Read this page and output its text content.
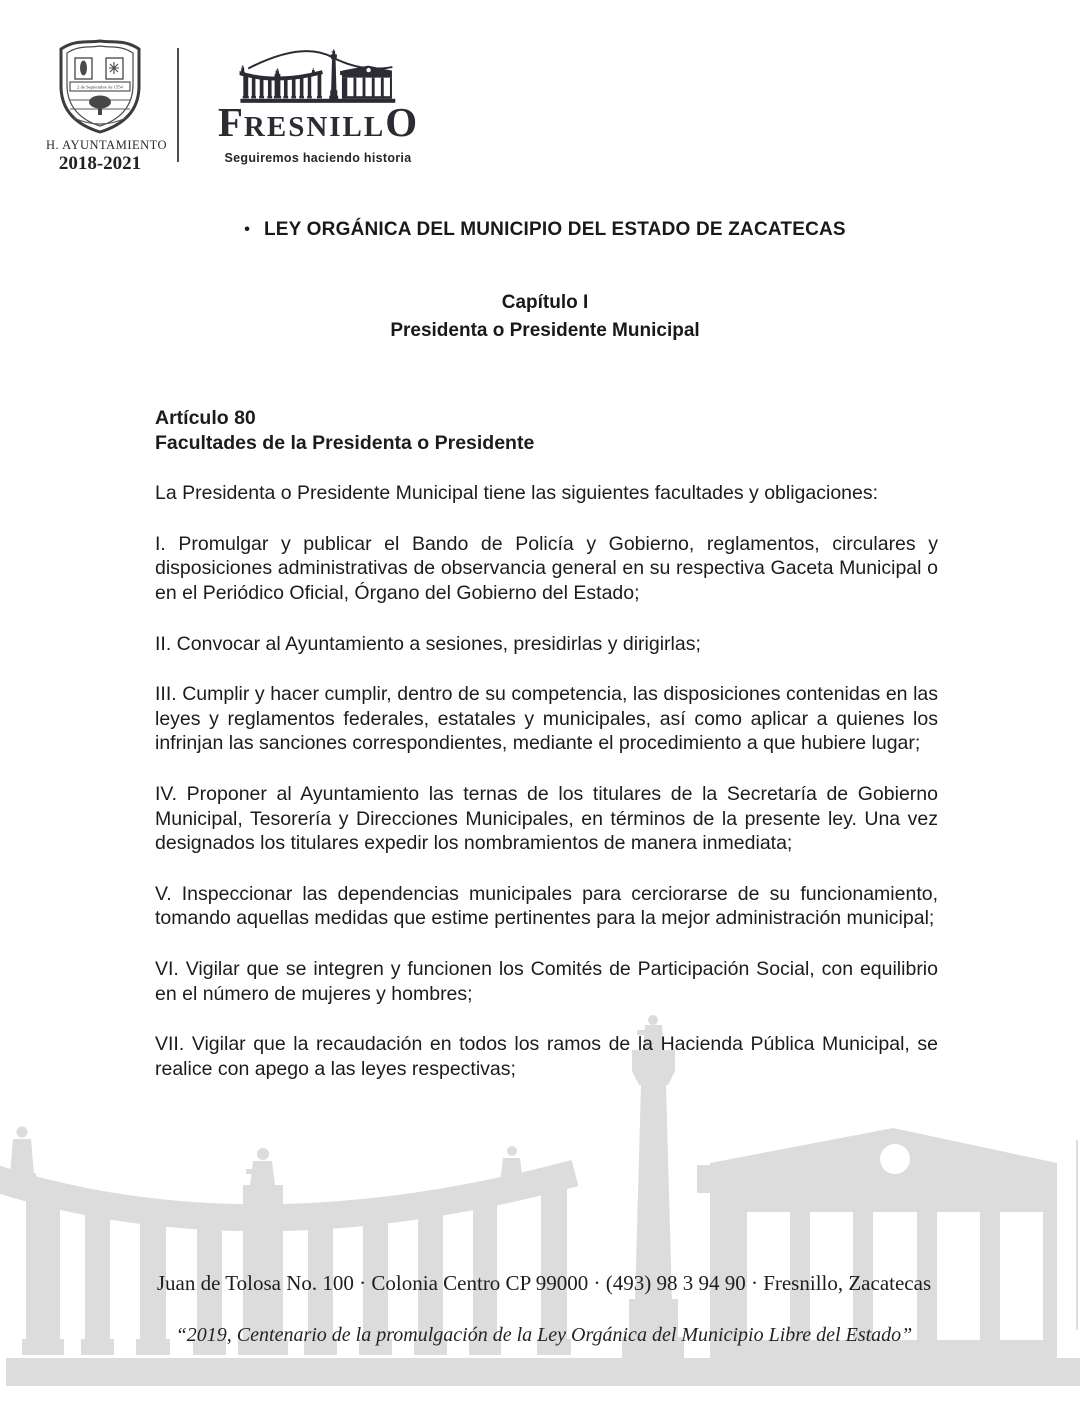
2 de Septiembre de 1554
H. AYUNTAMIENTO
2018-2021
FRESNILLO
Seguiremos haciendo historia
• LEY ORGÁNICA DEL MUNICIPIO DEL ESTADO DE ZACATECAS
Capítulo I
Presidenta o Presidente Municipal
Artículo 80
Facultades de la Presidenta o Presidente

La Presidenta o Presidente Municipal tiene las siguientes facultades y obligaciones:

I. Promulgar y publicar el Bando de Policía y Gobierno, reglamentos, circulares y disposiciones administrativas de observancia general en su respectiva Gaceta Municipal o en el Periódico Oficial, Órgano del Gobierno del Estado;

II. Convocar al Ayuntamiento a sesiones, presidirlas y dirigirlas;

III. Cumplir y hacer cumplir, dentro de su competencia, las disposiciones contenidas en las leyes y reglamentos federales, estatales y municipales, así como aplicar a quienes los infrinjan las sanciones correspondientes, mediante el procedimiento a que hubiere lugar;

IV. Proponer al Ayuntamiento las ternas de los titulares de la Secretaría de Gobierno Municipal, Tesorería y Direcciones Municipales, en términos de la presente ley. Una vez designados los titulares expedir los nombramientos de manera inmediata;

V. Inspeccionar las dependencias municipales para cerciorarse de su funcionamiento, tomando aquellas medidas que estime pertinentes para la mejor administración municipal;

VI. Vigilar que se integren y funcionen los Comités de Participación Social, con equilibrio en el número de mujeres y hombres;

VII. Vigilar que la recaudación en todos los ramos de la Hacienda Pública Municipal, se realice con apego a las leyes respectivas;

Juan de Tolosa No. 100 · Colonia Centro CP 99000 · (493) 98 3 94 90 · Fresnillo, Zacatecas
“2019, Centenario de la promulgación de la Ley Orgánica del Municipio Libre del Estado”
